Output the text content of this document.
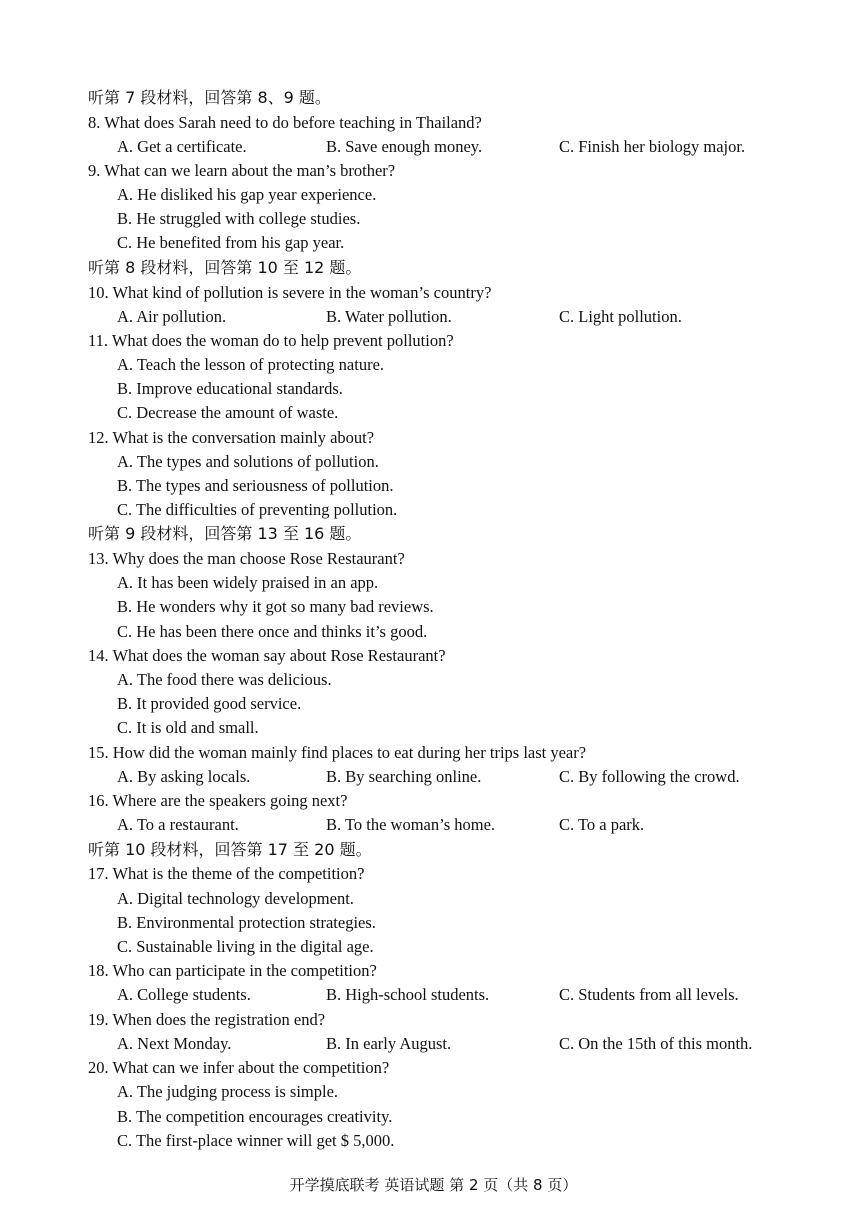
听第 7 段材料，回答第 8、9 题。
8. What does Sarah need to do before teaching in Thailand?
A. Get a certificate.	B. Save enough money.	C. Finish her biology major.
9. What can we learn about the man’s brother?
A. He disliked his gap year experience.
B. He struggled with college studies.
C. He benefited from his gap year.
听第 8 段材料，回答第 10 至 12 题。
10. What kind of pollution is severe in the woman’s country?
A. Air pollution.	B. Water pollution.	C. Light pollution.
11. What does the woman do to help prevent pollution?
A. Teach the lesson of protecting nature.
B. Improve educational standards.
C. Decrease the amount of waste.
12. What is the conversation mainly about?
A. The types and solutions of pollution.
B. The types and seriousness of pollution.
C. The difficulties of preventing pollution.
听第 9 段材料，回答第 13 至 16 题。
13. Why does the man choose Rose Restaurant?
A. It has been widely praised in an app.
B. He wonders why it got so many bad reviews.
C. He has been there once and thinks it’s good.
14. What does the woman say about Rose Restaurant?
A. The food there was delicious.
B. It provided good service.
C. It is old and small.
15. How did the woman mainly find places to eat during her trips last year?
A. By asking locals.	B. By searching online.	C. By following the crowd.
16. Where are the speakers going next?
A. To a restaurant.	B. To the woman’s home.	C. To a park.
听第 10 段材料，回答第 17 至 20 题。
17. What is the theme of the competition?
A. Digital technology development.
B. Environmental protection strategies.
C. Sustainable living in the digital age.
18. Who can participate in the competition?
A. College students.	B. High-school students.	C. Students from all levels.
19. When does the registration end?
A. Next Monday.	B. In early August.	C. On the 15th of this month.
20. What can we infer about the competition?
A. The judging process is simple.
B. The competition encourages creativity.
C. The first-place winner will get $ 5,000.
开学摸底联考 英语试题 第 2 页（共 8 页）
